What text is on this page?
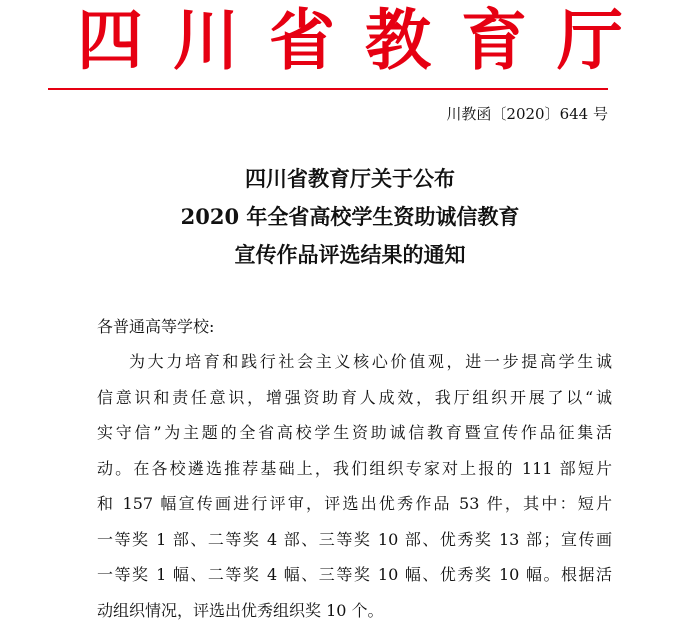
四川省教育厅
川教函〔2020〕644 号
四川省教育厅关于公布
2020 年全省高校学生资助诚信教育
宣传作品评选结果的通知
各普通高等学校:
为大力培育和践行社会主义核心价值观，进一步提高学生诚
信意识和责任意识，增强资助育人成效，我厅组织开展了以“诚
实守信”为主题的全省高校学生资助诚信教育暨宣传作品征集活
动。在各校遴选推荐基础上，我们组织专家对上报的 111 部短片
和 157 幅宣传画进行评审，评选出优秀作品 53 件，其中：短片
一等奖 1 部、二等奖 4 部、三等奖 10 部、优秀奖 13 部；宣传画
一等奖 1 幅、二等奖 4 幅、三等奖 10 幅、优秀奖 10 幅。根据活
动组织情况，评选出优秀组织奖 10 个。
